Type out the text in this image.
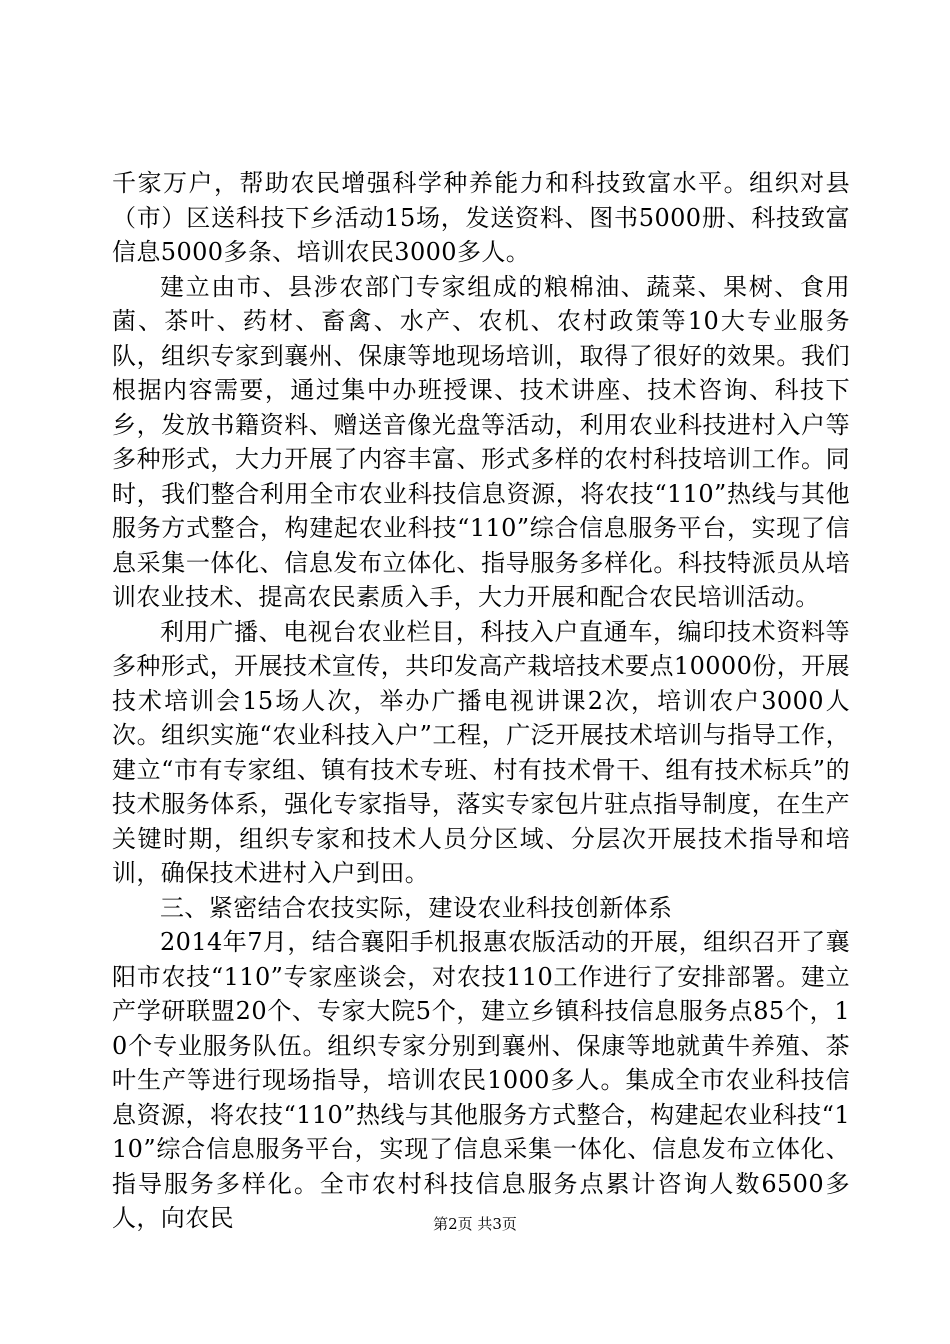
千家万户，帮助农民增强科学种养能力和科技致富水平。组织对县（市）区送科技下乡活动15场，发送资料、图书5000册、科技致富信息5000多条、培训农民3000多人。

建立由市、县涉农部门专家组成的粮棉油、蔬菜、果树、食用菌、茶叶、药材、畜禽、水产、农机、农村政策等10大专业服务队，组织专家到襄州、保康等地现场培训，取得了很好的效果。我们根据内容需要，通过集中办班授课、技术讲座、技术咨询、科技下乡，发放书籍资料、赠送音像光盘等活动，利用农业科技进村入户等多种形式，大力开展了内容丰富、形式多样的农村科技培训工作。同时，我们整合利用全市农业科技信息资源，将农技“110”热线与其他服务方式整合，构建起农业科技“110”综合信息服务平台，实现了信息采集一体化、信息发布立体化、指导服务多样化。科技特派员从培训农业技术、提高农民素质入手，大力开展和配合农民培训活动。

利用广播、电视台农业栏目，科技入户直通车，编印技术资料等多种形式，开展技术宣传，共印发高产栽培技术要点10000份，开展技术培训会15场人次，举办广播电视讲课2次，培训农户3000人次。组织实施“农业科技入户”工程，广泛开展技术培训与指导工作，建立“市有专家组、镇有技术专班、村有技术骨干、组有技术标兵”的技术服务体系，强化专家指导，落实专家包片驻点指导制度，在生产关键时期，组织专家和技术人员分区域、分层次开展技术指导和培训，确保技术进村入户到田。

三、紧密结合农技实际，建设农业科技创新体系

2014年7月，结合襄阳手机报惠农版活动的开展，组织召开了襄阳市农技“110”专家座谈会，对农技110工作进行了安排部署。建立产学研联盟20个、专家大院5个，建立乡镇科技信息服务点85个，10个专业服务队伍。组织专家分别到襄州、保康等地就黄牛养殖、茶叶生产等进行现场指导，培训农民1000多人。集成全市农业科技信息资源，将农技“110”热线与其他服务方式整合，构建起农业科技“110”综合信息服务平台，实现了信息采集一体化、信息发布立体化、指导服务多样化。全市农村科技信息服务点累计咨询人数6500多人，向农民	第2页 共3页
